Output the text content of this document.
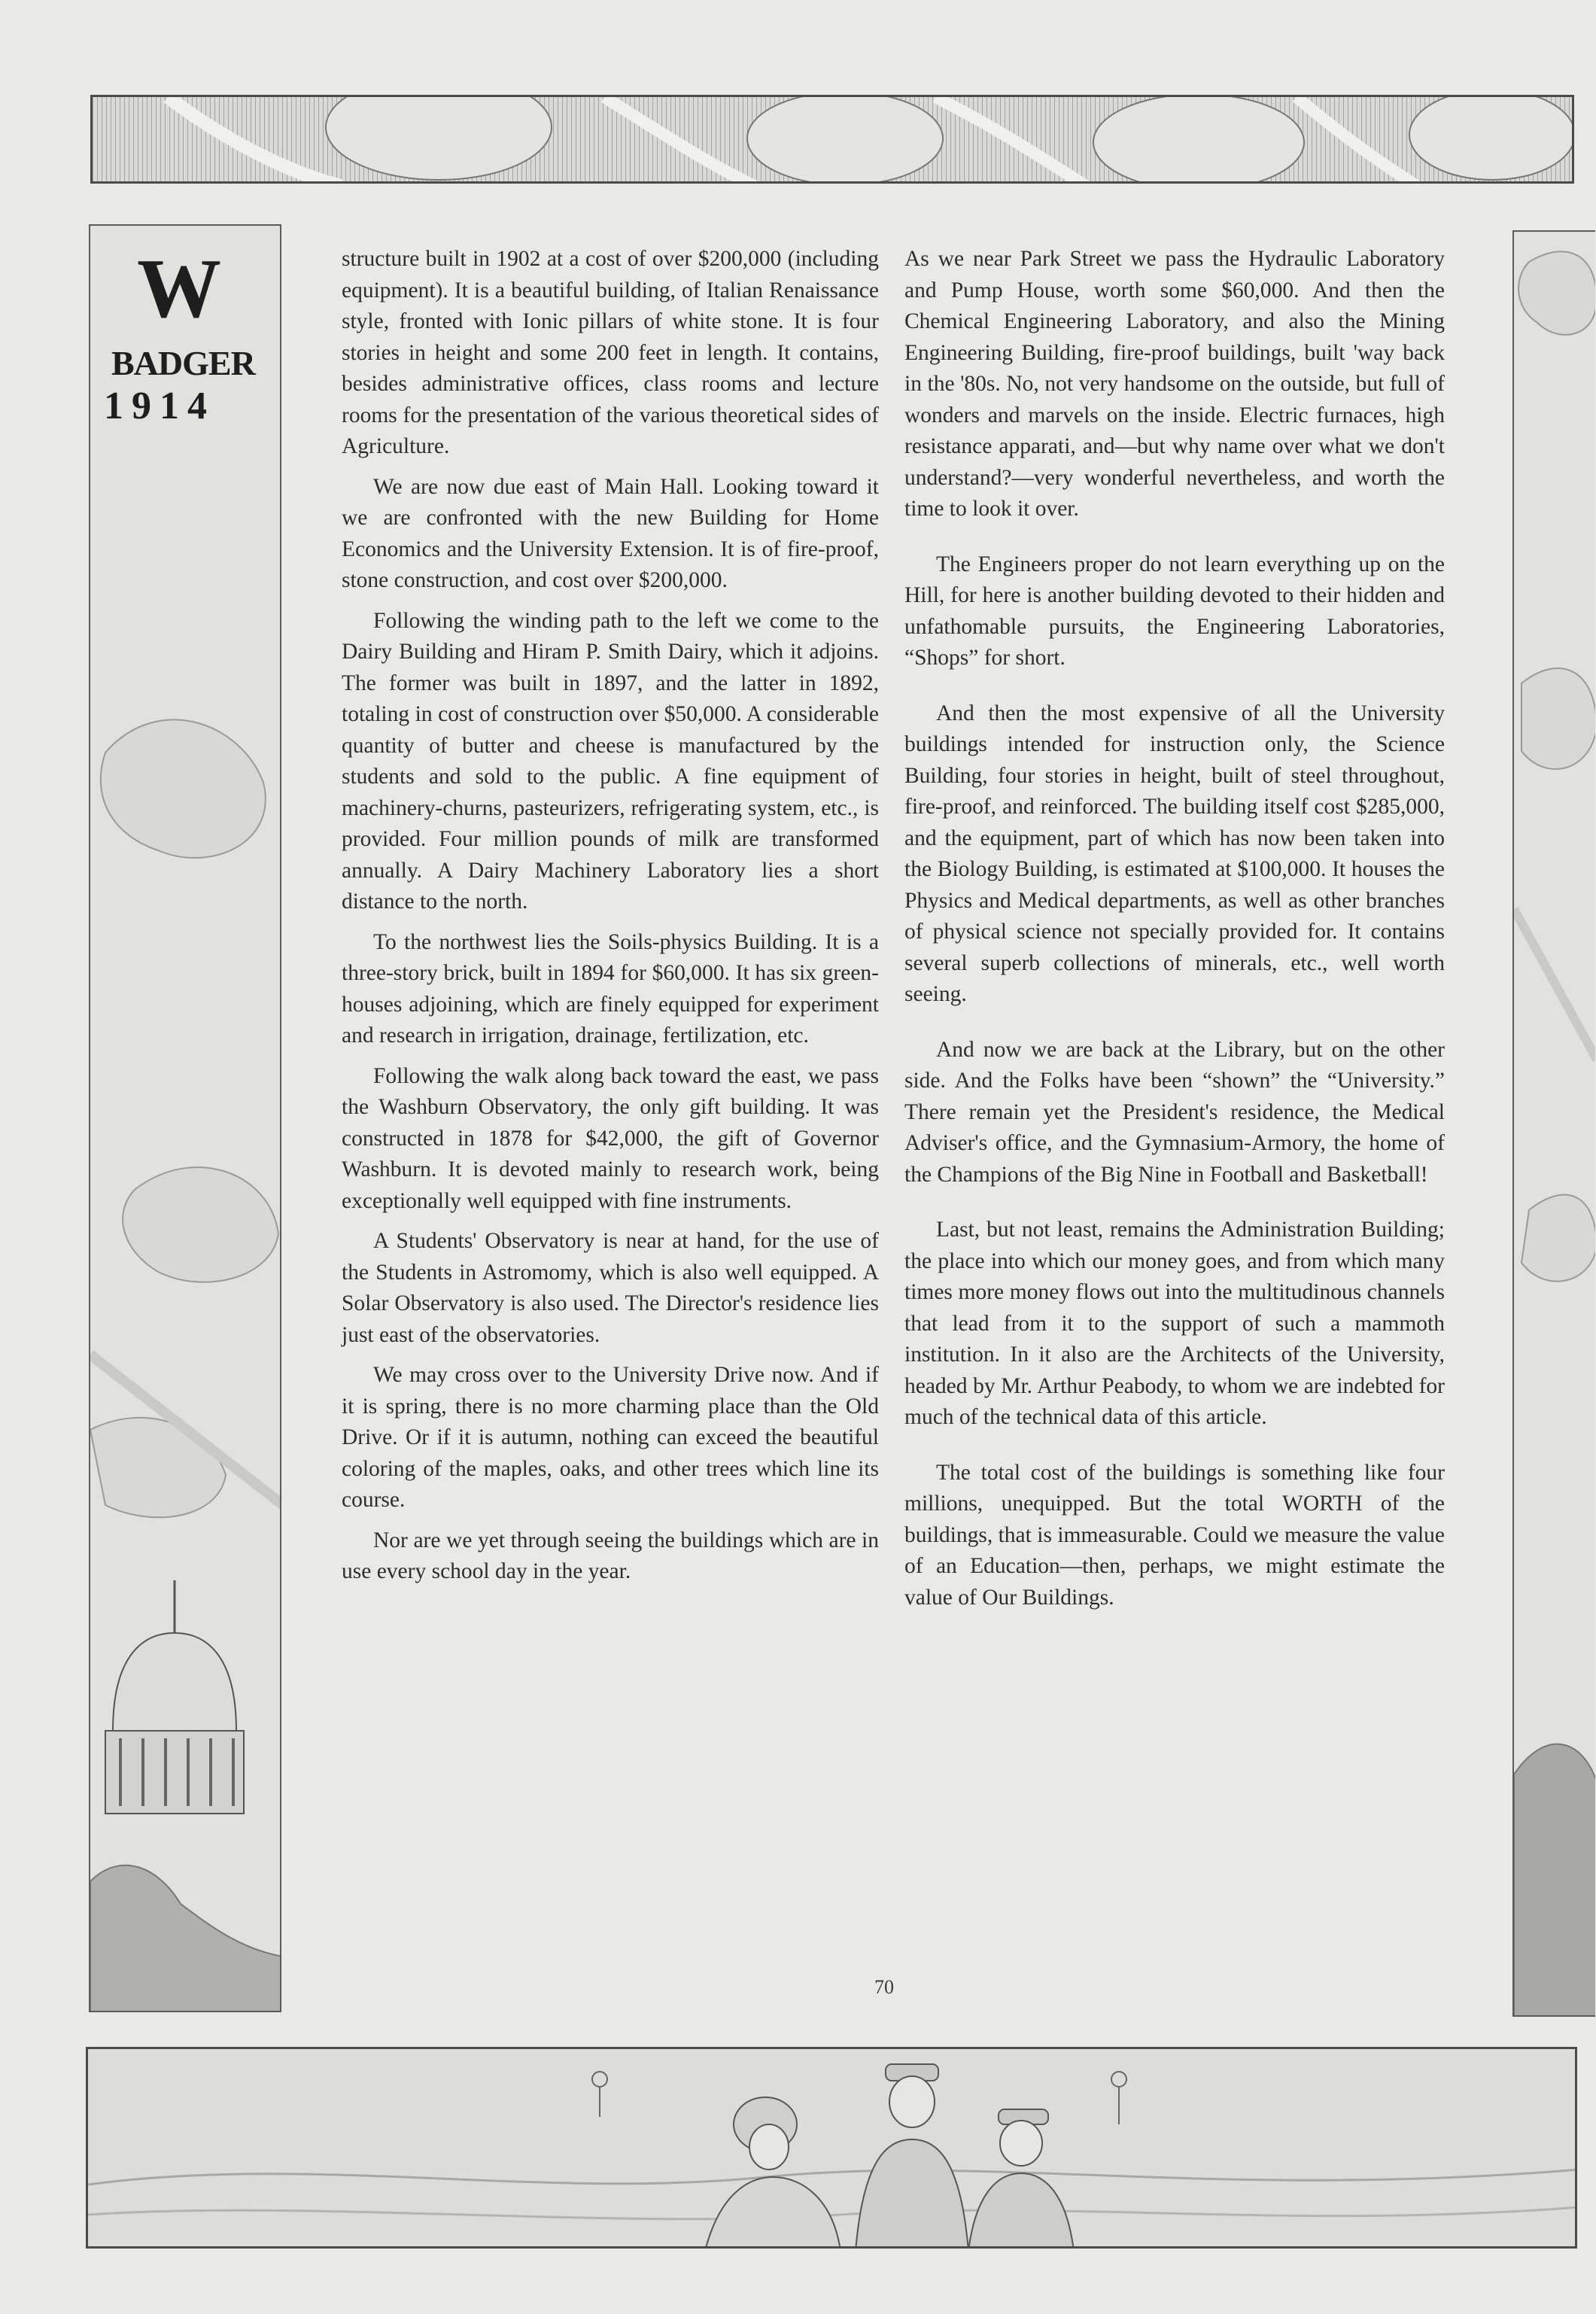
W
BADGER
1914

structure built in 1902 at a cost of over $200,000 (including equipment). It is a beautiful building, of Italian Renaissance style, fronted with Ionic pillars of white stone. It is four stories in height and some 200 feet in length. It contains, besides administrative offices, class rooms and lecture rooms for the presentation of the various theoretical sides of Agriculture.

We are now due east of Main Hall. Looking toward it we are confronted with the new Building for Home Economics and the University Extension. It is of fire-proof, stone construction, and cost over $200,000.

Following the winding path to the left we come to the Dairy Building and Hiram P. Smith Dairy, which it adjoins. The former was built in 1897, and the latter in 1892, totaling in cost of construction over $50,000. A considerable quantity of butter and cheese is manufactured by the students and sold to the public. A fine equipment of machinery-churns, pasteurizers, refrigerating system, etc., is provided. Four million pounds of milk are transformed annually. A Dairy Machinery Laboratory lies a short distance to the north.

To the northwest lies the Soils-physics Building. It is a three-story brick, built in 1894 for $60,000. It has six green-houses adjoining, which are finely equipped for experiment and research in irrigation, drainage, fertilization, etc.

Following the walk along back toward the east, we pass the Washburn Observatory, the only gift building. It was constructed in 1878 for $42,000, the gift of Governor Washburn. It is devoted mainly to research work, being exceptionally well equipped with fine instruments.

A Students' Observatory is near at hand, for the use of the Students in Astromomy, which is also well equipped. A Solar Observatory is also used. The Director's residence lies just east of the observatories.

We may cross over to the University Drive now. And if it is spring, there is no more charming place than the Old Drive. Or if it is autumn, nothing can exceed the beautiful coloring of the maples, oaks, and other trees which line its course.

Nor are we yet through seeing the buildings which are in use every school day in the year.

As we near Park Street we pass the Hydraulic Laboratory and Pump House, worth some $60,000. And then the Chemical Engineering Laboratory, and also the Mining Engineering Building, fire-proof buildings, built 'way back in the '80s. No, not very handsome on the outside, but full of wonders and marvels on the inside. Electric furnaces, high resistance apparati, and—but why name over what we don't understand?—very wonderful nevertheless, and worth the time to look it over.

The Engineers proper do not learn everything up on the Hill, for here is another building devoted to their hidden and unfathomable pursuits, the Engineering Laboratories, “Shops” for short.

And then the most expensive of all the University buildings intended for instruction only, the Science Building, four stories in height, built of steel throughout, fire-proof, and reinforced. The building itself cost $285,000, and the equipment, part of which has now been taken into the Biology Building, is estimated at $100,000. It houses the Physics and Medical departments, as well as other branches of physical science not specially provided for. It contains several superb collections of minerals, etc., well worth seeing.

And now we are back at the Library, but on the other side. And the Folks have been “shown” the “University.” There remain yet the President's residence, the Medical Adviser's office, and the Gymnasium-Armory, the home of the Champions of the Big Nine in Football and Basketball!

Last, but not least, remains the Administration Building; the place into which our money goes, and from which many times more money flows out into the multitudinous channels that lead from it to the support of such a mammoth institution. In it also are the Architects of the University, headed by Mr. Arthur Peabody, to whom we are indebted for much of the technical data of this article.

The total cost of the buildings is something like four millions, unequipped. But the total WORTH of the buildings, that is immeasurable. Could we measure the value of an Education—then, perhaps, we might estimate the value of Our Buildings.

70
